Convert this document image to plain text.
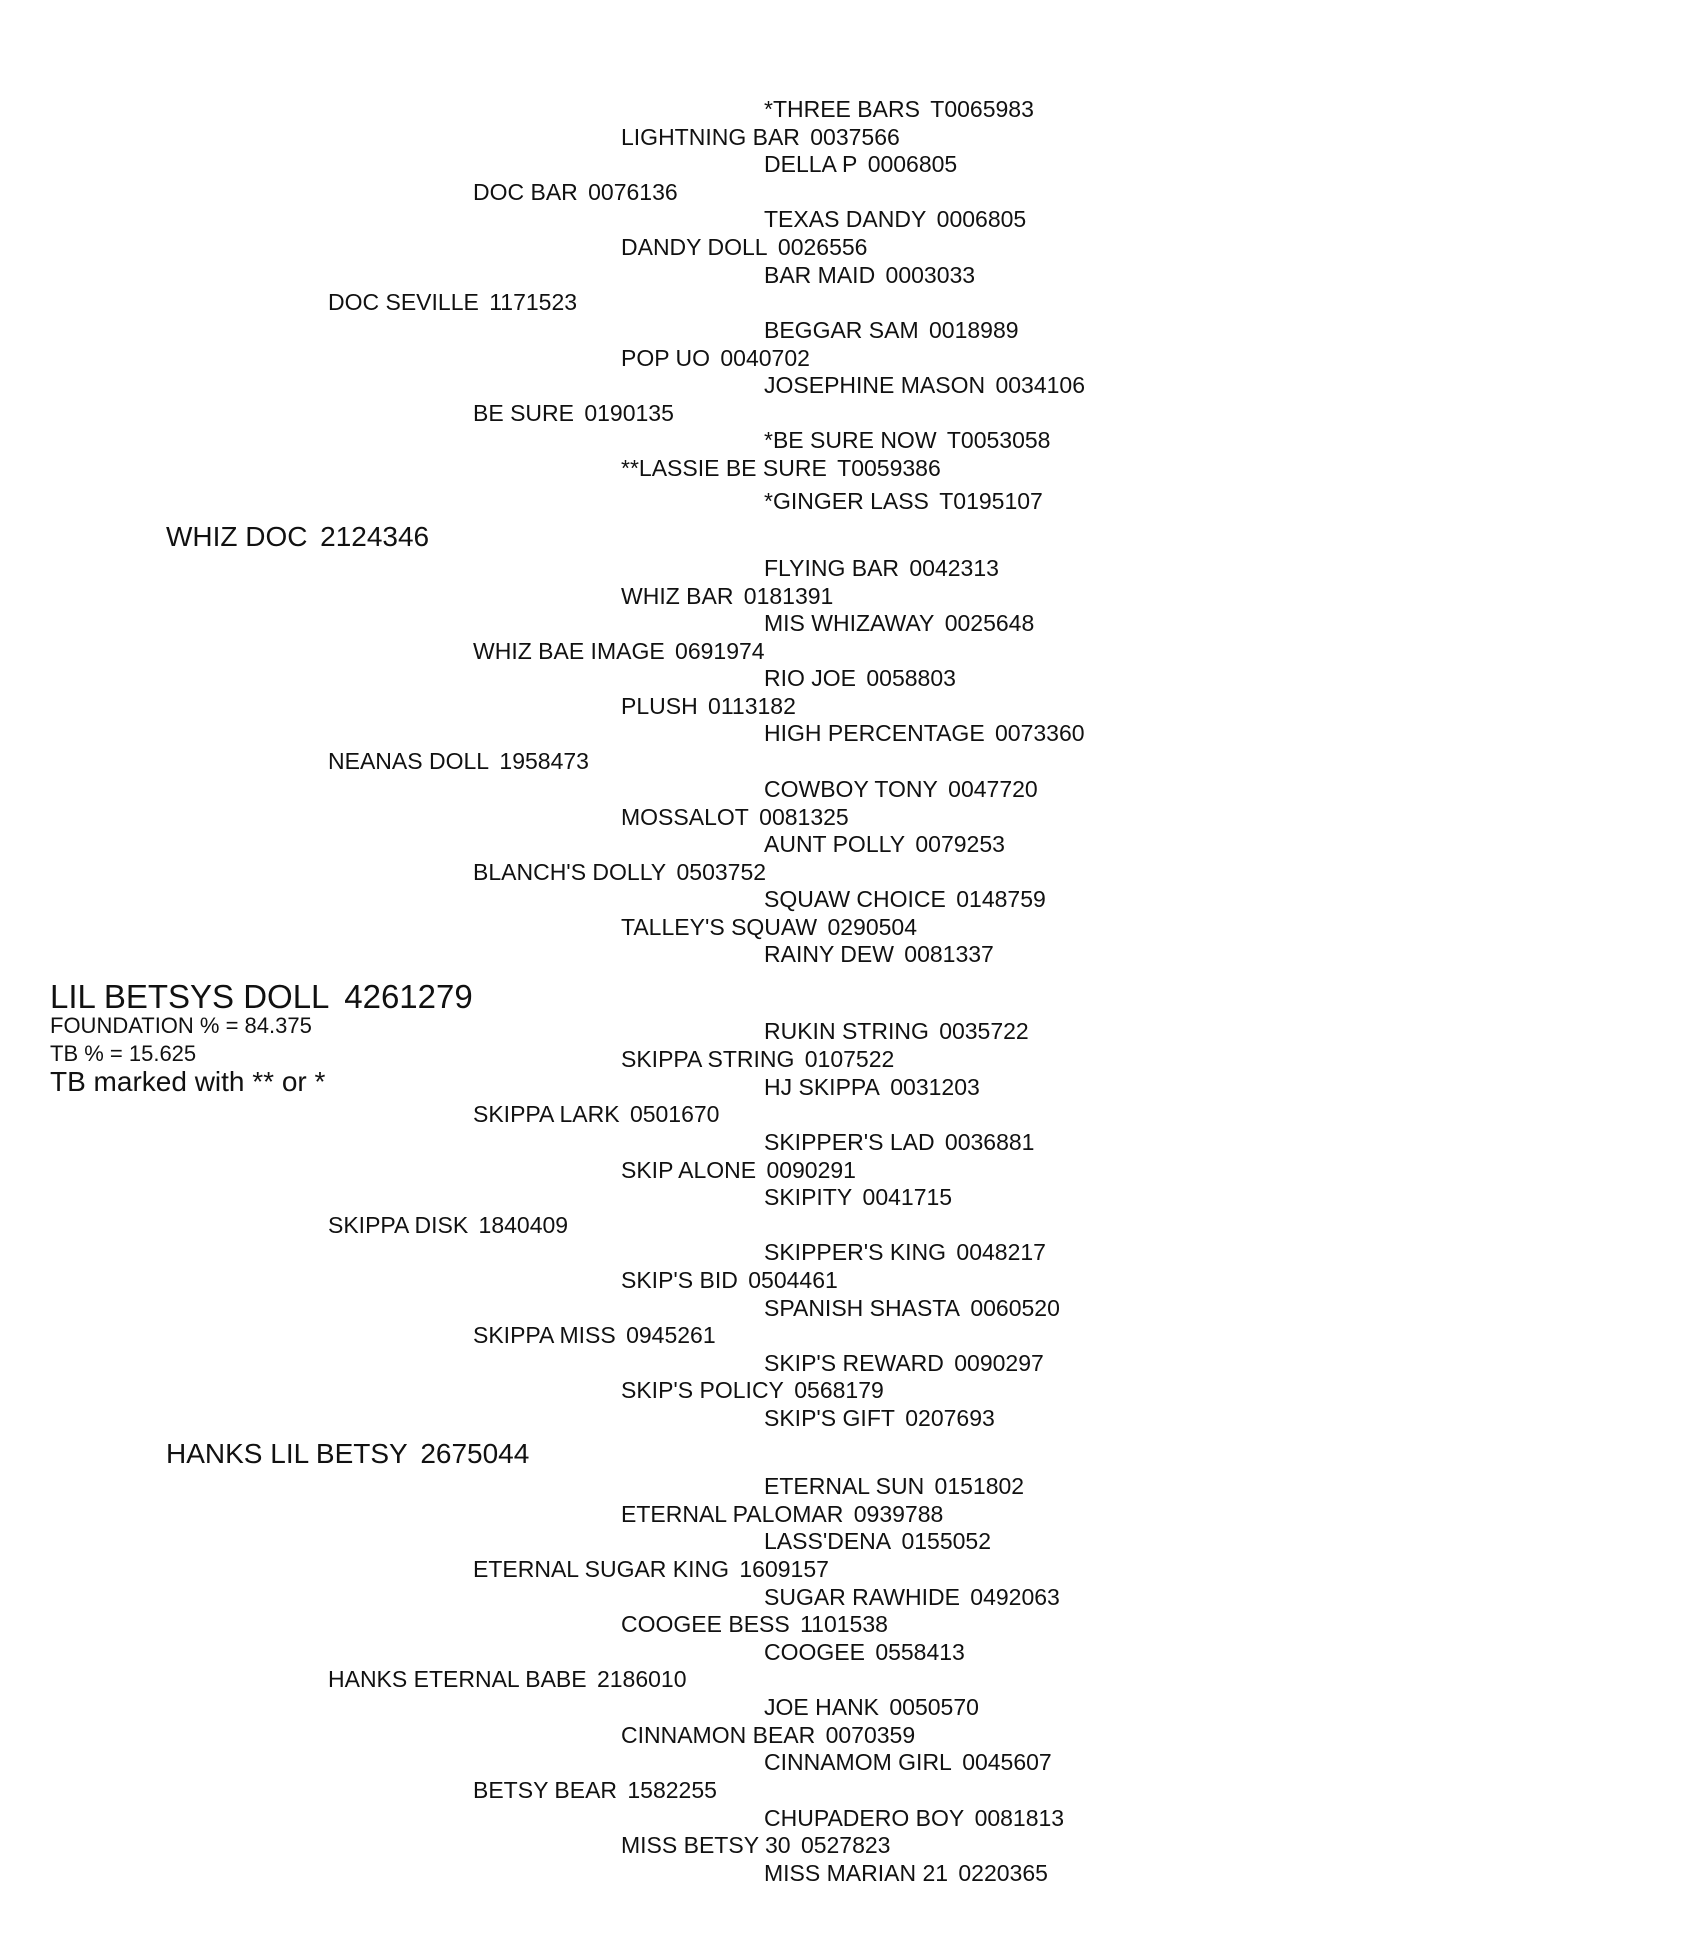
LIL BETSYS DOLL 4261279
FOUNDATION % = 84.375
TB % = 15.625
TB marked with ** or *
WHIZ DOC 2124346
HANKS LIL BETSY 2675044
DOC SEVILLE 1171523
NEANAS DOLL 1958473
SKIPPA DISK 1840409
HANKS ETERNAL BABE 2186010
DOC BAR 0076136
BE SURE 0190135
WHIZ BAE IMAGE 0691974
BLANCH'S DOLLY 0503752
SKIPPA LARK 0501670
SKIPPA MISS 0945261
ETERNAL SUGAR KING 1609157
BETSY BEAR 1582255
LIGHTNING BAR 0037566
DANDY DOLL 0026556
POP UO 0040702
**LASSIE BE SURE T0059386
WHIZ BAR 0181391
PLUSH 0113182
MOSSALOT 0081325
TALLEY'S SQUAW 0290504
SKIPPA STRING 0107522
SKIP ALONE 0090291
SKIP'S BID 0504461
SKIP'S POLICY 0568179
ETERNAL PALOMAR 0939788
COOGEE BESS 1101538
CINNAMON BEAR 0070359
MISS BETSY 30 0527823
*THREE BARS T0065983
DELLA P 0006805
TEXAS DANDY 0006805
BAR MAID 0003033
BEGGAR SAM 0018989
JOSEPHINE MASON 0034106
*BE SURE NOW T0053058
*GINGER LASS T0195107
FLYING BAR 0042313
MIS WHIZAWAY 0025648
RIO JOE 0058803
HIGH PERCENTAGE 0073360
COWBOY TONY 0047720
AUNT POLLY 0079253
SQUAW CHOICE 0148759
RAINY DEW 0081337
RUKIN STRING 0035722
HJ SKIPPA 0031203
SKIPPER'S LAD 0036881
SKIPITY 0041715
SKIPPER'S KING 0048217
SPANISH SHASTA 0060520
SKIP'S REWARD 0090297
SKIP'S GIFT 0207693
ETERNAL SUN 0151802
LASS'DENA 0155052
SUGAR RAWHIDE 0492063
COOGEE 0558413
JOE HANK 0050570
CINNAMOM GIRL 0045607
CHUPADERO BOY 0081813
MISS MARIAN 21 0220365
